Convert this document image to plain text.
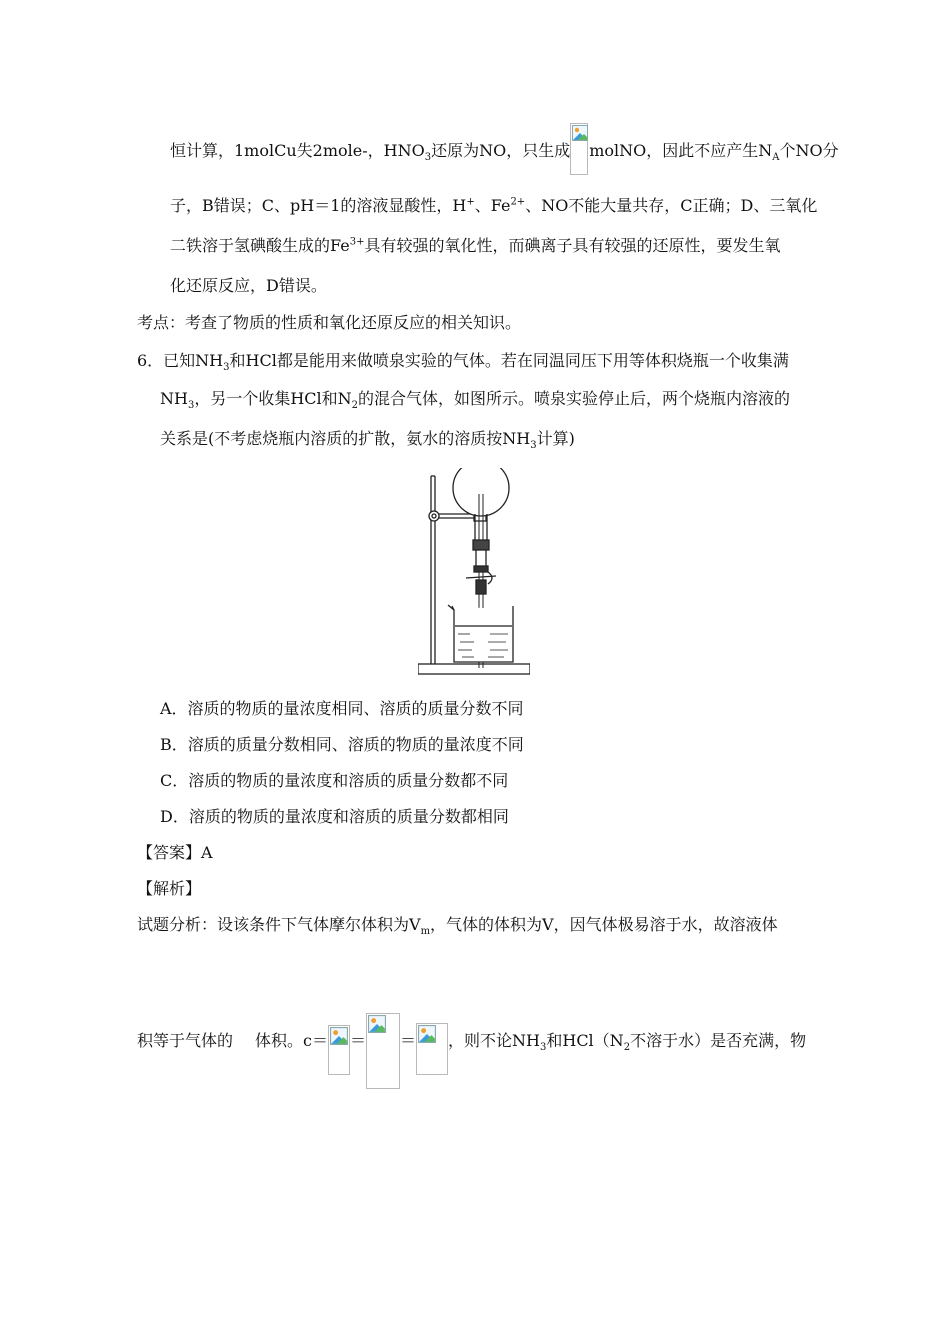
恒计算，1molCu失2mole-，$HNO_3$还原为NO，只生成 molNO，因此不应产生$N_A$个NO分
子，B错误；C、pH＝1的溶液显酸性，H+、$Fe^{2+}$、NO不能大量共存，C正确；D、三氧化
二铁溶于氢碘酸生成的$Fe^{3+}$具有较强的氧化性，而碘离子具有较强的还原性，要发生氧
化还原反应，D错误。
考点：考查了物质的性质和氧化还原反应的相关知识。
6．已知$NH_3$和HCl都是能用来做喷泉实验的气体。若在同温同压下用等体积烧瓶一个收集满
$NH_3$，另一个收集HCl和$N_2$的混合气体，如图所示。喷泉实验停止后，两个烧瓶内溶液的
关系是(不考虑烧瓶内溶质的扩散，氨水的溶质按$NH_3$计算)
A．溶质的物质的量浓度相同、溶质的质量分数不同
B．溶质的质量分数相同、溶质的物质的量浓度不同
C．溶质的物质的量浓度和溶质的质量分数都不同
D．溶质的物质的量浓度和溶质的质量分数都相同
【答案】A
【解析】
试题分析：设该条件下气体摩尔体积为$V_m$，气体的体积为V，因气体极易溶于水，故溶液体
积等于气体的 体积。c＝ ＝ ＝ ，则不论$NH_3$和$HCl(N_2$不溶于水）是否充满，物
